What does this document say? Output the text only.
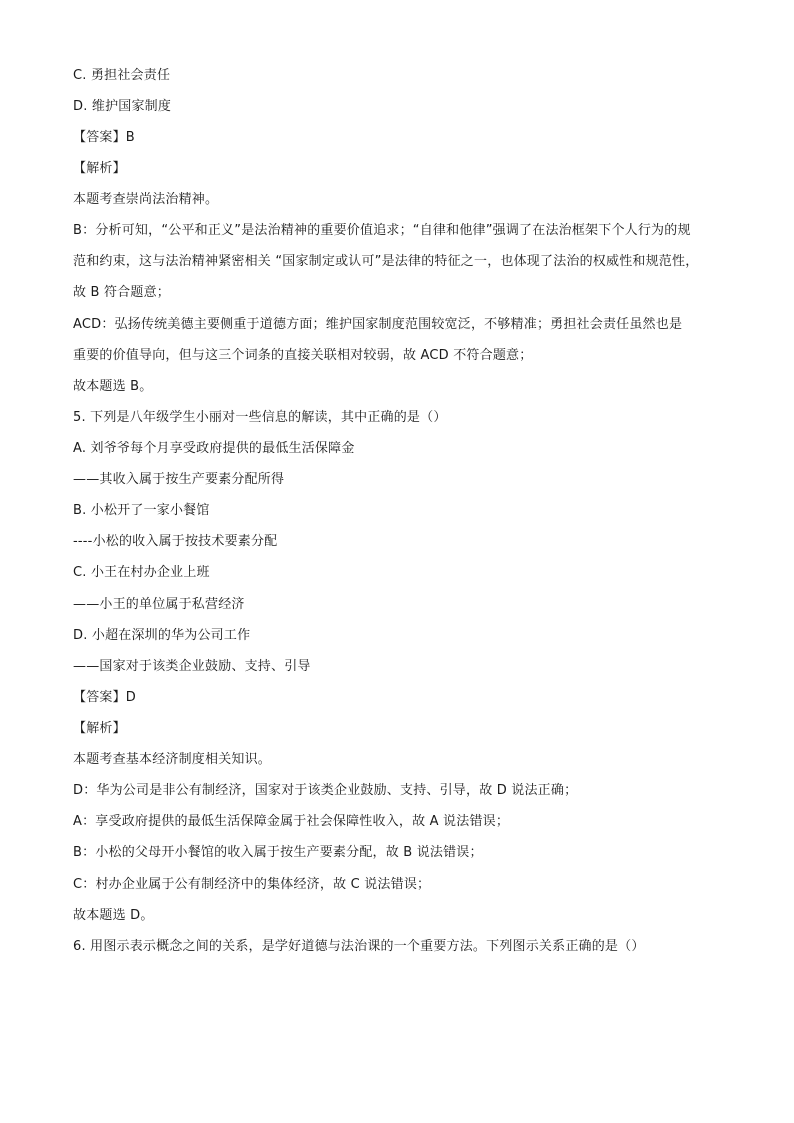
C. 勇担社会责任
D. 维护国家制度
【答案】B
【解析】
本题考查崇尚法治精神。
B：分析可知，“公平和正义”是法治精神的重要价值追求；“自律和他律”强调了在法治框架下个人行为的规
范和约束，这与法治精神紧密相关 “国家制定或认可”是法律的特征之一，也体现了法治的权威性和规范性，
故 B 符合题意；
ACD：弘扬传统美德主要侧重于道德方面；维护国家制度范围较宽泛，不够精准；勇担社会责任虽然也是
重要的价值导向，但与这三个词条的直接关联相对较弱，故 ACD 不符合题意；
故本题选 B。
5. 下列是八年级学生小丽对一些信息的解读，其中正确的是（）
A. 刘爷爷每个月享受政府提供的最低生活保障金
——其收入属于按生产要素分配所得
B. 小松开了一家小餐馆
----小松的收入属于按技术要素分配
C. 小王在村办企业上班
——小王的单位属于私营经济
D. 小超在深圳的华为公司工作
——国家对于该类企业鼓励、支持、引导
【答案】D
【解析】
本题考查基本经济制度相关知识。
D：华为公司是非公有制经济，国家对于该类企业鼓励、支持、引导，故 D 说法正确；
A：享受政府提供的最低生活保障金属于社会保障性收入，故 A 说法错误；
B：小松的父母开小餐馆的收入属于按生产要素分配，故 B 说法错误；
C：村办企业属于公有制经济中的集体经济，故 C 说法错误；
故本题选 D。
6. 用图示表示概念之间的关系，是学好道德与法治课的一个重要方法。下列图示关系正确的是（）
